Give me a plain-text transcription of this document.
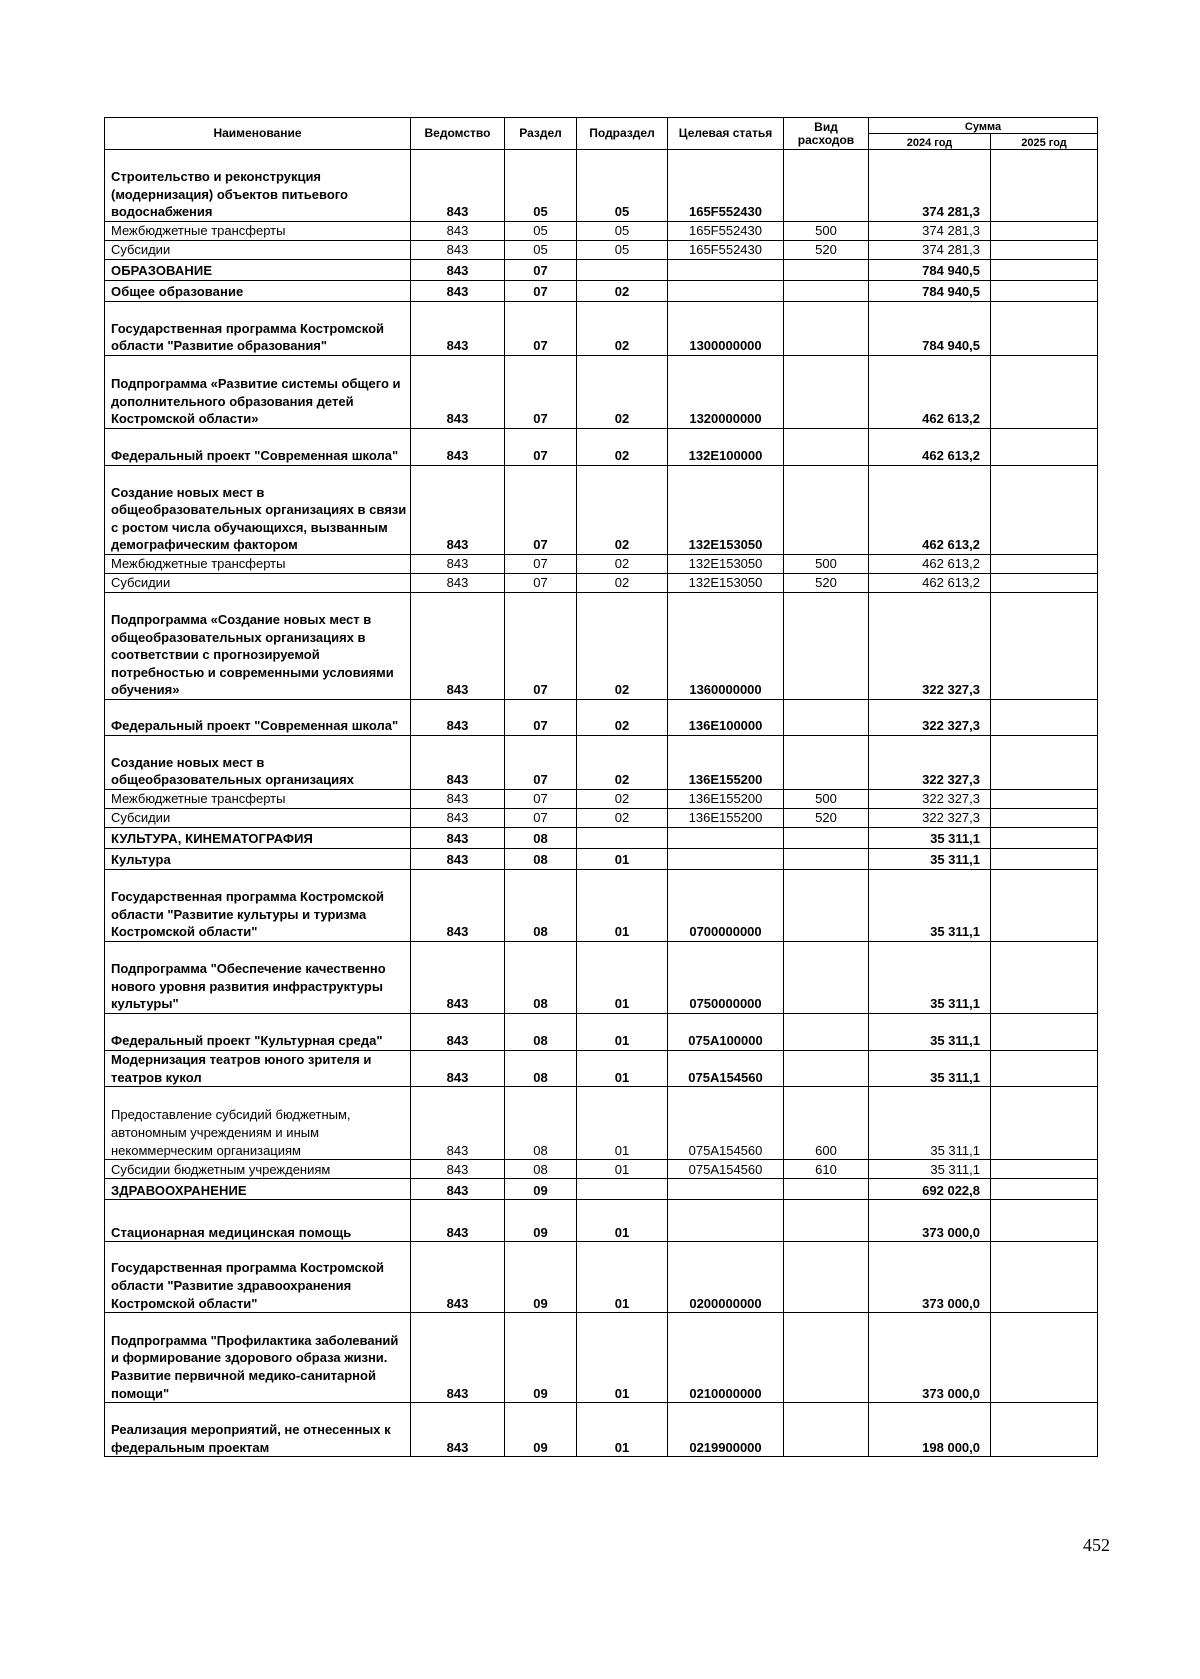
Наименование	Ведомство	Раздел	Подраздел	Целевая статья	Вид расходов	Сумма	
						2024 год	2025 год
Строительство и реконструкция (модернизация) объектов питьевого водоснабжения	843	05	05	165F552430		374 281,3	
Межбюджетные трансферты	843	05	05	165F552430	500	374 281,3	
Субсидии	843	05	05	165F552430	520	374 281,3	
ОБРАЗОВАНИЕ	843	07				784 940,5	
Общее образование	843	07	02			784 940,5	
Государственная программа Костромской области "Развитие образования"	843	07	02	1300000000		784 940,5	
Подпрограмма «Развитие системы общего и дополнительного образования детей Костромской области»	843	07	02	1320000000		462 613,2	
Федеральный проект "Современная школа"	843	07	02	132E100000		462 613,2	
Создание новых мест в общеобразовательных организациях в связи с ростом числа обучающихся, вызванным демографическим фактором	843	07	02	132E153050		462 613,2	
Межбюджетные трансферты	843	07	02	132E153050	500	462 613,2	
Субсидии	843	07	02	132E153050	520	462 613,2	
Подпрограмма «Создание новых мест в общеобразовательных организациях в соответствии с прогнозируемой потребностью и современными условиями обучения»	843	07	02	1360000000		322 327,3	
Федеральный проект "Современная школа"	843	07	02	136E100000		322 327,3	
Создание новых мест в общеобразовательных организациях	843	07	02	136E155200		322 327,3	
Межбюджетные трансферты	843	07	02	136E155200	500	322 327,3	
Субсидии	843	07	02	136E155200	520	322 327,3	
КУЛЬТУРА, КИНЕМАТОГРАФИЯ	843	08				35 311,1	
Культура	843	08	01			35 311,1	
Государственная программа Костромской области "Развитие культуры и туризма Костромской области"	843	08	01	0700000000		35 311,1	
Подпрограмма "Обеспечение качественно нового уровня развития инфраструктуры культуры"	843	08	01	0750000000		35 311,1	
Федеральный проект "Культурная среда"	843	08	01	075A100000		35 311,1	
Модернизация театров юного зрителя и театров кукол	843	08	01	075A154560		35 311,1	
Предоставление субсидий бюджетным, автономным учреждениям и иным некоммерческим организациям	843	08	01	075A154560	600	35 311,1	
Субсидии бюджетным учреждениям	843	08	01	075A154560	610	35 311,1	
ЗДРАВООХРАНЕНИЕ	843	09				692 022,8	
Стационарная медицинская помощь	843	09	01			373 000,0	
Государственная программа Костромской области "Развитие здравоохранения Костромской области"	843	09	01	0200000000		373 000,0	
Подпрограмма "Профилактика заболеваний и формирование здорового образа жизни. Развитие первичной медико-санитарной помощи"	843	09	01	0210000000		373 000,0	
Реализация мероприятий, не отнесенных к федеральным проектам	843	09	01	0219900000		198 000,0	
452
